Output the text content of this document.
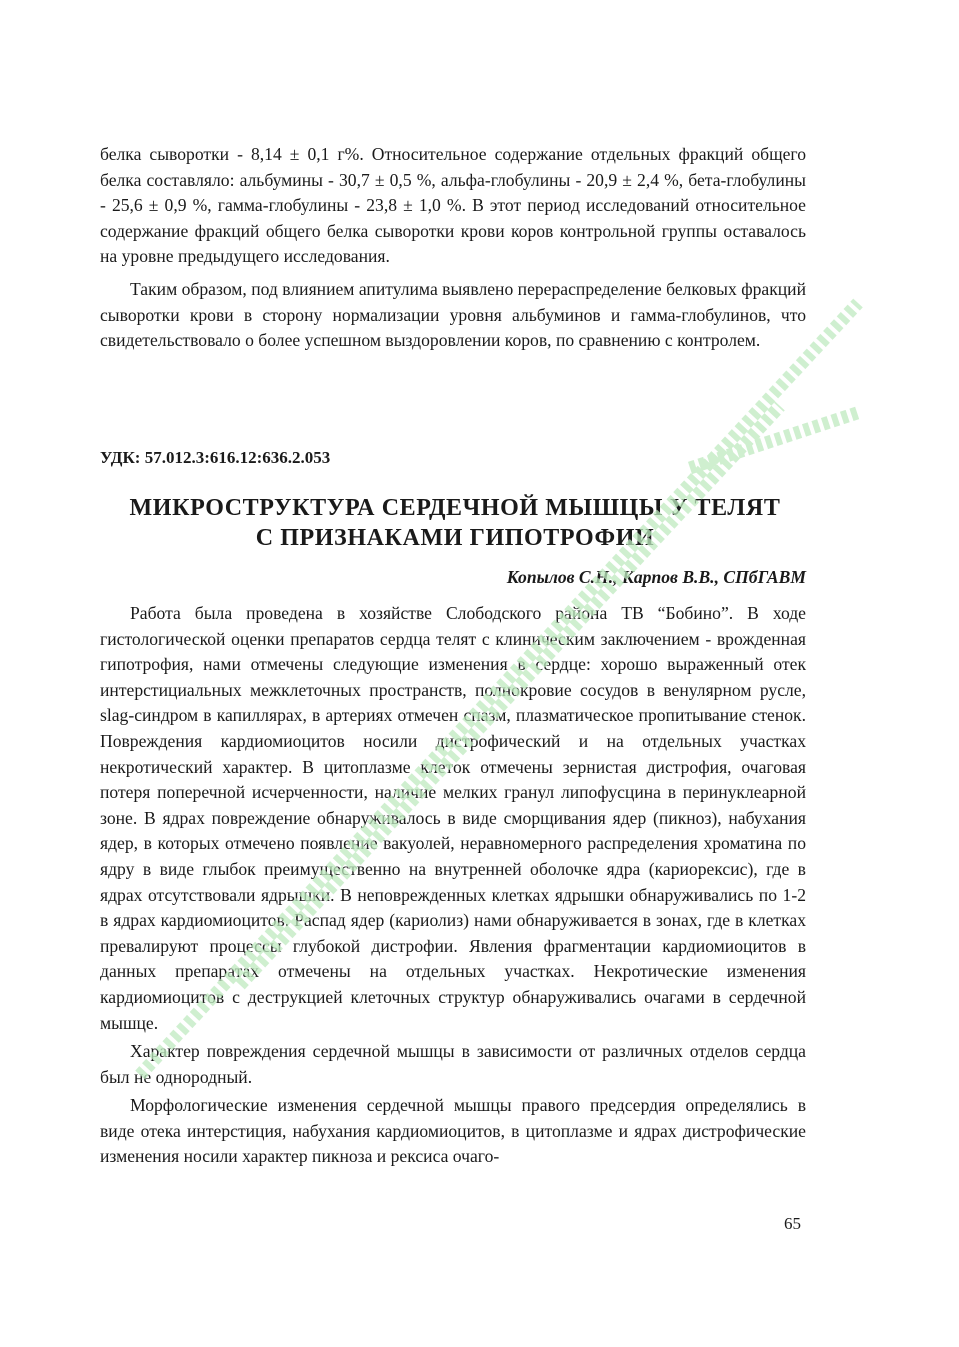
белка сыворотки - 8,14 ± 0,1 г%. Относительное содержание отдельных фракций общего белка составляло: альбумины - 30,7 ± 0,5 %, альфа-глобулины - 20,9 ± 2,4 %, бета-глобулины - 25,6 ± 0,9 %, гамма-глобулины - 23,8 ± 1,0 %. В этот период исследований относительное содержание фракций общего белка сыворотки крови коров контрольной группы оставалось на уровне предыдущего исследования.

Таким образом, под влиянием апитулима выявлено перераспределение белковых фракций сыворотки крови в сторону нормализации уровня альбуминов и гамма-глобулинов, что свидетельствовало о более успешном выздоровлении коров, по сравнению с контролем.

УДК: 57.012.3:616.12:636.2.053
МИКРОСТРУКТУРА СЕРДЕЧНОЙ МЫШЦЫ У ТЕЛЯТ
С ПРИЗНАКАМИ ГИПОТРОФИИ
Копылов С.Н., Карпов В.В., СПбГАВМ

Работа была проведена в хозяйстве Слободского района ТВ “Бобино”. В ходе гистологической оценки препаратов сердца телят с клиническим заключением - врожденная гипотрофия, нами отмечены следующие изменения в сердце: хорошо выраженный отек интерстициальных межклеточных пространств, полнокровие сосудов в венулярном русле, slag-синдром в капиллярах, в артериях отмечен спазм, плазматическое пропитывание стенок. Повреждения кардиомиоцитов носили дистрофический и на отдельных участках некротический характер. В цитоплазме клеток отмечены зернистая дистрофия, очаговая потеря поперечной исчерченности, наличие мелких гранул липофусцина в перинуклеарной зоне. В ядрах повреждение обнаруживалось в виде сморщивания ядер (пикноз), набухания ядер, в которых отмечено появление вакуолей, неравномерного распределения хроматина по ядру в виде глыбок преимущественно на внутренней оболочке ядра (кариорексис), где в ядрах отсутствовали ядрышки. В неповрежденных клетках ядрышки обнаруживались по 1-2 в ядрах кардиомиоцитов. Распад ядер (кариолиз) нами обнаруживается в зонах, где в клетках превалируют процессы глубокой дистрофии. Явления фрагментации кардиомиоцитов в данных препаратах отмечены на отдельных участках. Некротические изменения кардиомиоцитов с деструкцией клеточных структур обнаруживались очагами в сердечной мышце.

Характер повреждения сердечной мышцы в зависимости от различных отделов сердца был не однородный.

Морфологические изменения сердечной мышцы правого предсердия определялись в виде отека интерстиция, набухания кардиомиоцитов, в цитоплазме и ядрах дистрофические изменения носили характер пикноза и рексиса очаго-

65
